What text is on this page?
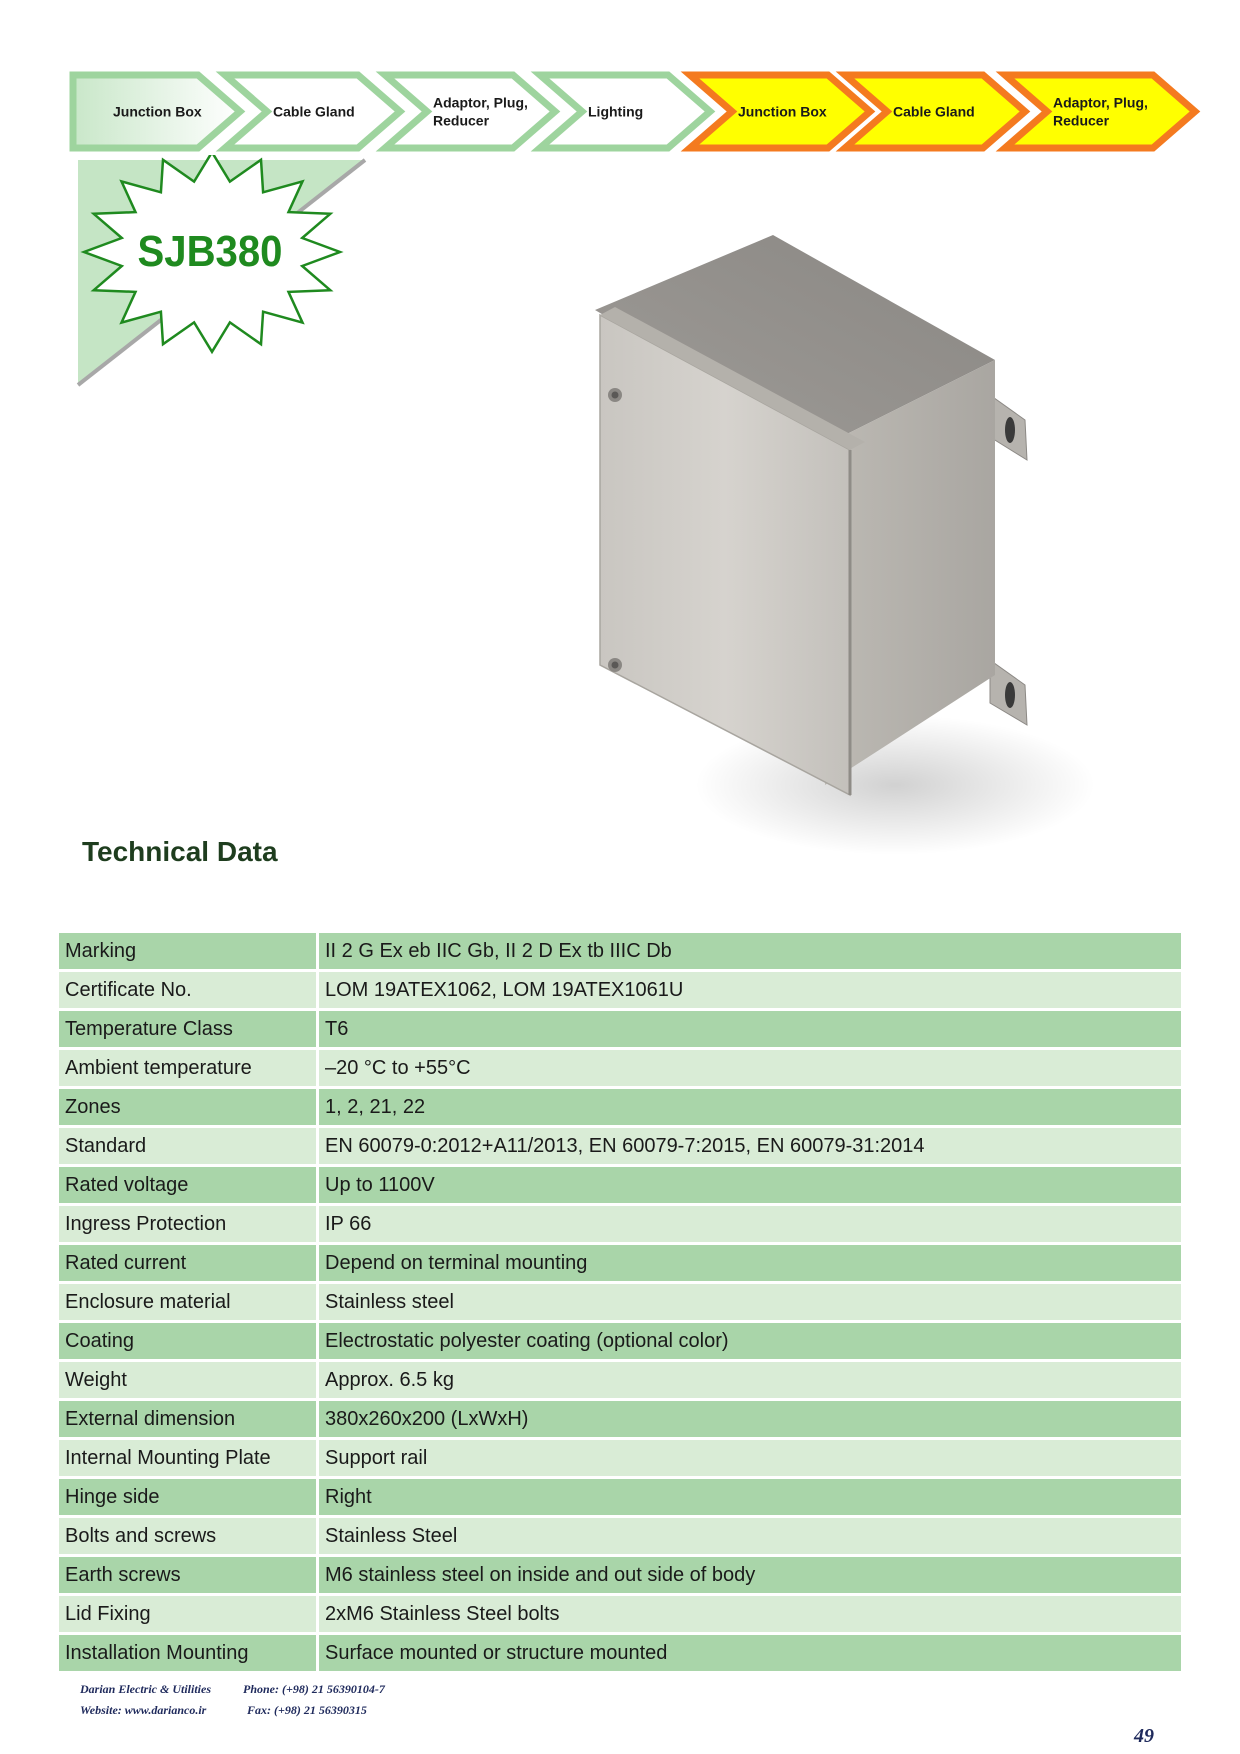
Junction Box	Cable Gland
Adaptor, Plug, Reducer
Lighting	Junction Box	Cable Gland
Adaptor, Plug, Reducer
SJB380
Technical Data
Marking	II 2 G Ex eb IIC Gb, II 2 D Ex tb IIIC Db
Certificate No.	LOM 19ATEX1062, LOM 19ATEX1061U
Temperature Class	T6
Ambient temperature	–20 °C to +55°C
Zones	1, 2, 21, 22
Standard	EN 60079-0:2012+A11/2013, EN 60079-7:2015, EN 60079-31:2014
Rated voltage	Up to 1100V
Ingress Protection	IP 66
Rated current	Depend on terminal mounting
Enclosure material	Stainless steel
Coating	Electrostatic polyester coating (optional color)
Weight	Approx. 6.5 kg
External dimension	380x260x200 (LxWxH)
Internal Mounting Plate	Support rail
Hinge side	Right
Bolts and screws	Stainless Steel
Earth screws	M6 stainless steel on inside and out side of body
Lid Fixing	2xM6 Stainless Steel bolts
Installation Mounting	Surface mounted or structure mounted
Darian Electric & Utilities	Phone: (+98) 21 56390104-7
Website: www.darianco.ir	Fax: (+98) 21 56390315
49
